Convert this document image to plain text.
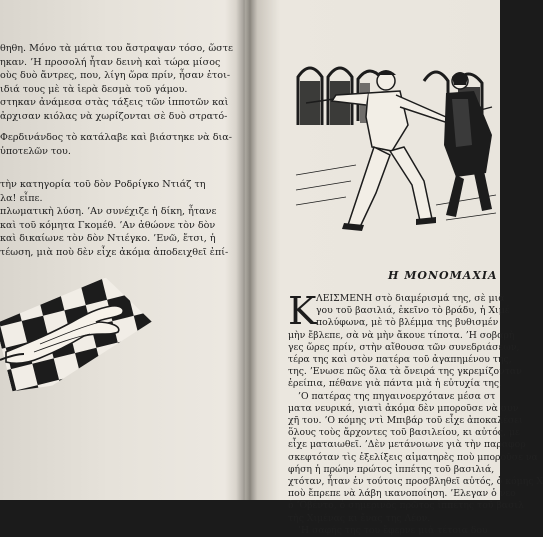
θηθη. Μόνο τὰ μάτια του ἄστραψαν τόσο, ὥστε

ηκαν. ’Η προσολή ἦταν δεινὴ καὶ τώρα μίσος

οὺς δυὸ ἄντρες, που, λίγη ὥρα πρίν, ἦσαν ἑτοι-

ιδιά τους μὲ τὰ ἱερὰ δεσμὰ τοῦ γάμου.

στηκαν ἀνάμεσα στὰς τάξεις τῶν ἱπποτῶν καὶ

ἀρχισαν κιόλας νὰ χωρίζονται σὲ δυὸ στρατό-

Φερδινάνδος τὸ κατάλαβε καὶ βιάστηκε νὰ δια-

ὑποτελῶν του.

τὴν κατηγορία τοῦ δὸν Ροδρίγκο Ντιάζ τη

λα! εἶπε.

πλωματικὴ λύση. ’Αν συνέχιζε ἡ δίκη, ἦτανε

καὶ τοῦ κόμητα Γκομέθ. ’Αν ἀθώονε τὸν δὸν

καὶ δικαίωνε τὸν δὸν Ντιέγκο. ’Ενῶ, ἔτσι, ἡ

τέωση, μιὰ ποὺ δὲν εἶχε ἀκόμα ἀποδειχθεῖ ἐπί-

Η ΜΟΝΟΜΑΧΙΑ
Κ ΛΕΙΣΜΕΝΗ στὸ διαμέρισμά της, σὲ μιὰ

γου τοῦ βασιλιά, ἐκεῖνο τὸ βράδυ, ἡ Χιμέ

πολύφωνα, μὲ τὸ βλέμμα της βυθισμέν

μὴν ἔβλεπε, σὰ νὰ μὴν ἄκουε τίποτα. ’Η σοβαρὴ

γες ὥρες πρίν, στὴν αἴθουσα τῶν συνεδριάσεων,

τέρα της καὶ στὸν πατέρα τοῦ ἀγαπημένου της,

της. ’Ενωσε πῶς ὄλα τὰ ὄνειρά της γκρεμίζονταν

ἐρείπια, πέθανε γιὰ πάντα μιὰ ἡ εὐτυχία της.

’Ο πατέρας της πηγαινοερχότανε μέσα στ

ματα νευρικά, γιατὶ ἀκόμα δὲν μποροῦσε νὰ συν

χῆ του. ’Ο κόμης ντὶ Μπιβάρ τοῦ εἶχε ἀποκαλέσει

ὅλους τοὺς ἄρχοντες τοῦ βασιλείου, κι αὐτός, με

εἶχε ματαιωθεῖ. ’Δὲν μετάνοιωνε γιὰ τὴν παραφορ

σκεφτόταν τὶς ἐξελίξεις αἱματηρὲς ποὺ μποροῦσε να

φήση ἡ πρώην πρώτος ἱππέτης τοῦ βασιλιά,

χτόταν, ἦταν ἐν τούτοις προσβληθεῖ αὐτός, ὁ κόμης Χ

ποὺ ἔπρεπε νὰ λάβη ικανοποίηση. ’Ελεγαν ὁ νεο

ὁ ’Οβέντο, ὁ σημερινὸς πρῶτος ἱππέτης τοῦ βασιλ

τὴς Χιμένας κι ἔνας της Λέον.

’Η σαφής της του ἔφερνε μιὰ τέτοια δου
